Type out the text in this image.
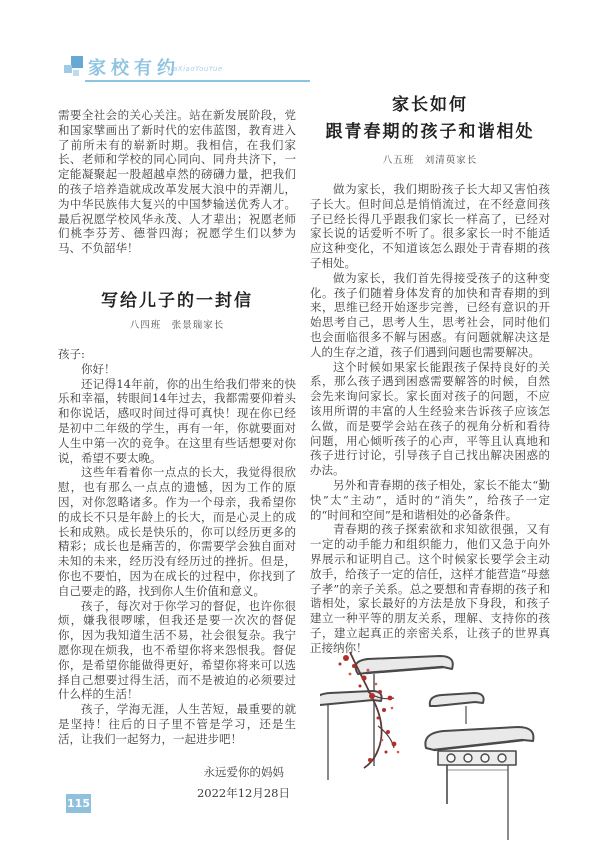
家校有约
JiaXiaoYouYue

需要全社会的关心关注。站在新发展阶段，党和国家擘画出了新时代的宏伟蓝图，教育进入了前所未有的崭新时期。我相信，在我们家长、老师和学校的同心同向、同舟共济下，一定能凝聚起一股超越卓然的磅礴力量，把我们的孩子培养造就成改革发展大浪中的弄潮儿，为中华民族伟大复兴的中国梦输送优秀人才。最后祝愿学校风华永茂、人才辈出；祝愿老师们桃李芬芳、德誉四海；祝愿学生们以梦为马、不负韶华！

写给儿子的一封信
八四班　张景瑞家长

孩子:

你好！

还记得14年前，你的出生给我们带来的快乐和幸福，转眼间14年过去，我都需要仰着头和你说话，感叹时间过得可真快！现在你已经是初中二年级的学生，再有一年，你就要面对人生中第一次的竞争。在这里有些话想要对你说，希望不要太晚。

这些年看着你一点点的长大，我觉得很欣慰，也有那么一点点的遗憾，因为工作的原因，对你忽略诸多。作为一个母亲，我希望你的成长不只是年龄上的长大，而是心灵上的成长和成熟。成长是快乐的，你可以经历更多的精彩；成长也是痛苦的，你需要学会独自面对未知的未来，经历没有经历过的挫折。但是，你也不要怕，因为在成长的过程中，你找到了自己要走的路，找到你人生价值和意义。

孩子，每次对于你学习的督促，也许你很烦，嫌我很啰嗦，但我还是要一次次的督促你，因为我知道生活不易，社会很复杂。我宁愿你现在烦我，也不希望你将来怨恨我。督促你，是希望你能做得更好，希望你将来可以选择自己想要过得生活，而不是被迫的必须要过什么样的生活！

孩子，学海无涯，人生苦短，最重要的就是坚持！往后的日子里不管是学习，还是生活，让我们一起努力，一起进步吧！

永远爱你的妈妈
2022年12月28日
家长如何
跟青春期的孩子和谐相处
八五班　刘清萸家长

做为家长，我们期盼孩子长大却又害怕孩子长大。但时间总是悄悄流过，在不经意间孩子已经长得几乎跟我们家长一样高了，已经对家长说的话爱听不听了。很多家长一时不能适应这种变化，不知道该怎么跟处于青春期的孩子相处。

做为家长，我们首先得接受孩子的这种变化。孩子们随着身体发育的加快和青春期的到来，思维已经开始逐步完善，已经有意识的开始思考自己，思考人生，思考社会，同时他们也会面临很多不解与困惑。有问题就解决这是人的生存之道，孩子们遇到问题也需要解决。

这个时候如果家长能跟孩子保持良好的关系，那么孩子遇到困惑需要解答的时候，自然会先来询问家长。家长面对孩子的问题，不应该用所谓的丰富的人生经验来告诉孩子应该怎么做，而是要学会站在孩子的视角分析和看待问题，用心倾听孩子的心声，平等且认真地和孩子进行讨论，引导孩子自己找出解决困惑的办法。

另外和青春期的孩子相处，家长不能太“勤快”太“主动”，适时的“消失”，给孩子一定的“时间和空间”是和谐相处的必备条件。

青春期的孩子探索欲和求知欲很强，又有一定的动手能力和组织能力，他们又急于向外界展示和证明自己。这个时候家长要学会主动放手，给孩子一定的信任，这样才能营造“母慈子孝”的亲子关系。总之要想和青春期的孩子和谐相处，家长最好的方法是放下身段，和孩子建立一种平等的朋友关系，理解、支持你的孩子，建立起真正的亲密关系，让孩子的世界真正接纳你！

115
